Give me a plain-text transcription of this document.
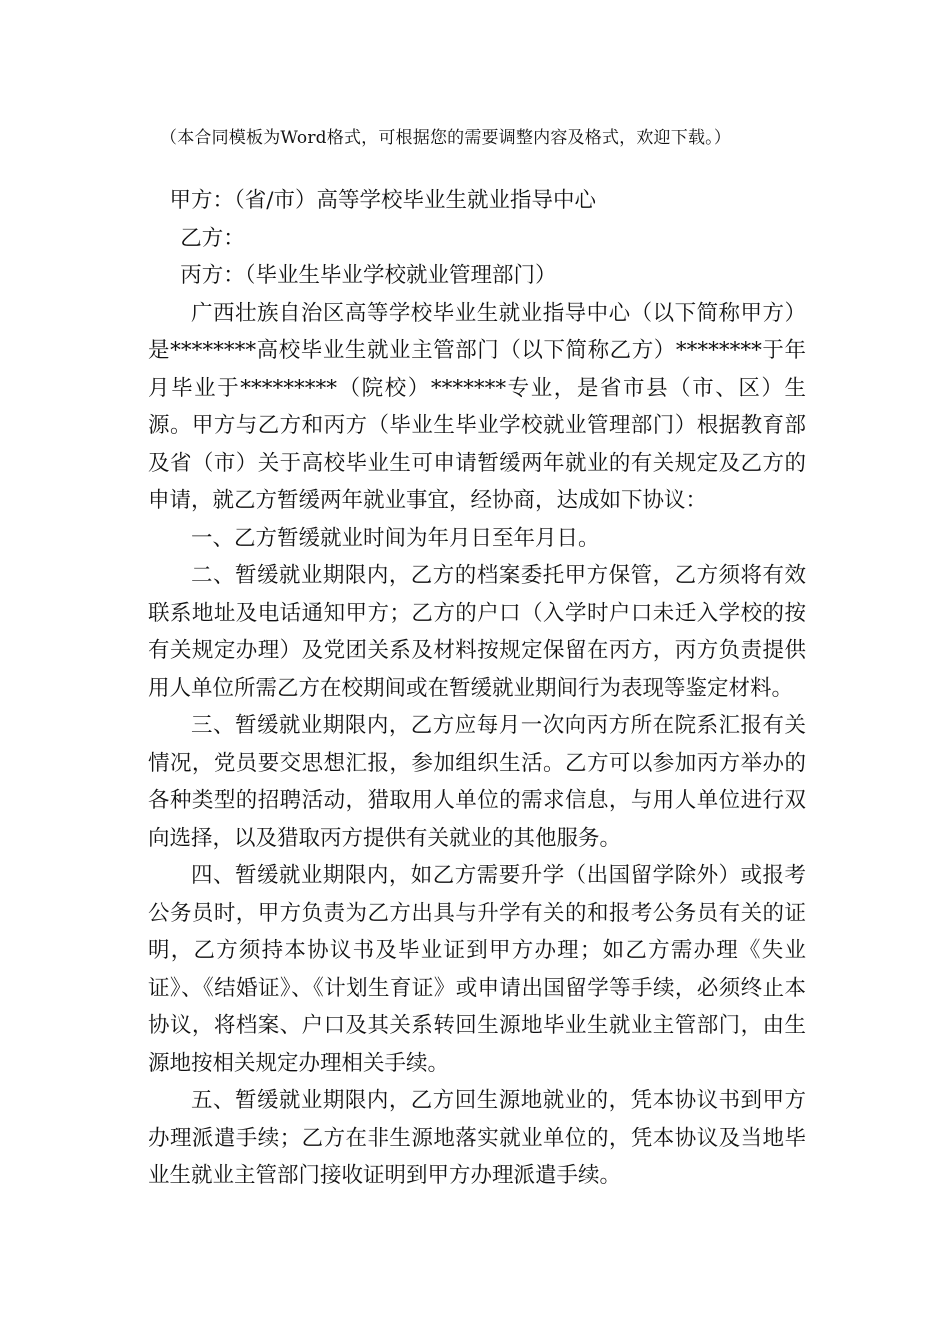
（本合同模板为Word格式，可根据您的需要调整内容及格式，欢迎下载。）

甲方：（省/市）高等学校毕业生就业指导中心

乙方：

丙方：（毕业生毕业学校就业管理部门）

广西壮族自治区高等学校毕业生就业指导中心（以下简称甲方）是********高校毕业生就业主管部门（以下简称乙方）********于年月毕业于*********（院校）*******专业，是省市县（市、区）生源。甲方与乙方和丙方（毕业生毕业学校就业管理部门）根据教育部及省（市）关于高校毕业生可申请暂缓两年就业的有关规定及乙方的申请，就乙方暂缓两年就业事宜，经协商，达成如下协议：

一、乙方暂缓就业时间为年月日至年月日。

二、暂缓就业期限内，乙方的档案委托甲方保管，乙方须将有效联系地址及电话通知甲方；乙方的户口（入学时户口未迁入学校的按有关规定办理）及党团关系及材料按规定保留在丙方，丙方负责提供用人单位所需乙方在校期间或在暂缓就业期间行为表现等鉴定材料。

三、暂缓就业期限内，乙方应每月一次向丙方所在院系汇报有关情况，党员要交思想汇报，参加组织生活。乙方可以参加丙方举办的各种类型的招聘活动，猎取用人单位的需求信息，与用人单位进行双向选择，以及猎取丙方提供有关就业的其他服务。

四、暂缓就业期限内，如乙方需要升学（出国留学除外）或报考公务员时，甲方负责为乙方出具与升学有关的和报考公务员有关的证明，乙方须持本协议书及毕业证到甲方办理；如乙方需办理《失业证》、《结婚证》、《计划生育证》或申请出国留学等手续，必须终止本协议，将档案、户口及其关系转回生源地毕业生就业主管部门，由生源地按相关规定办理相关手续。

五、暂缓就业期限内，乙方回生源地就业的，凭本协议书到甲方办理派遣手续；乙方在非生源地落实就业单位的，凭本协议及当地毕业生就业主管部门接收证明到甲方办理派遣手续。
